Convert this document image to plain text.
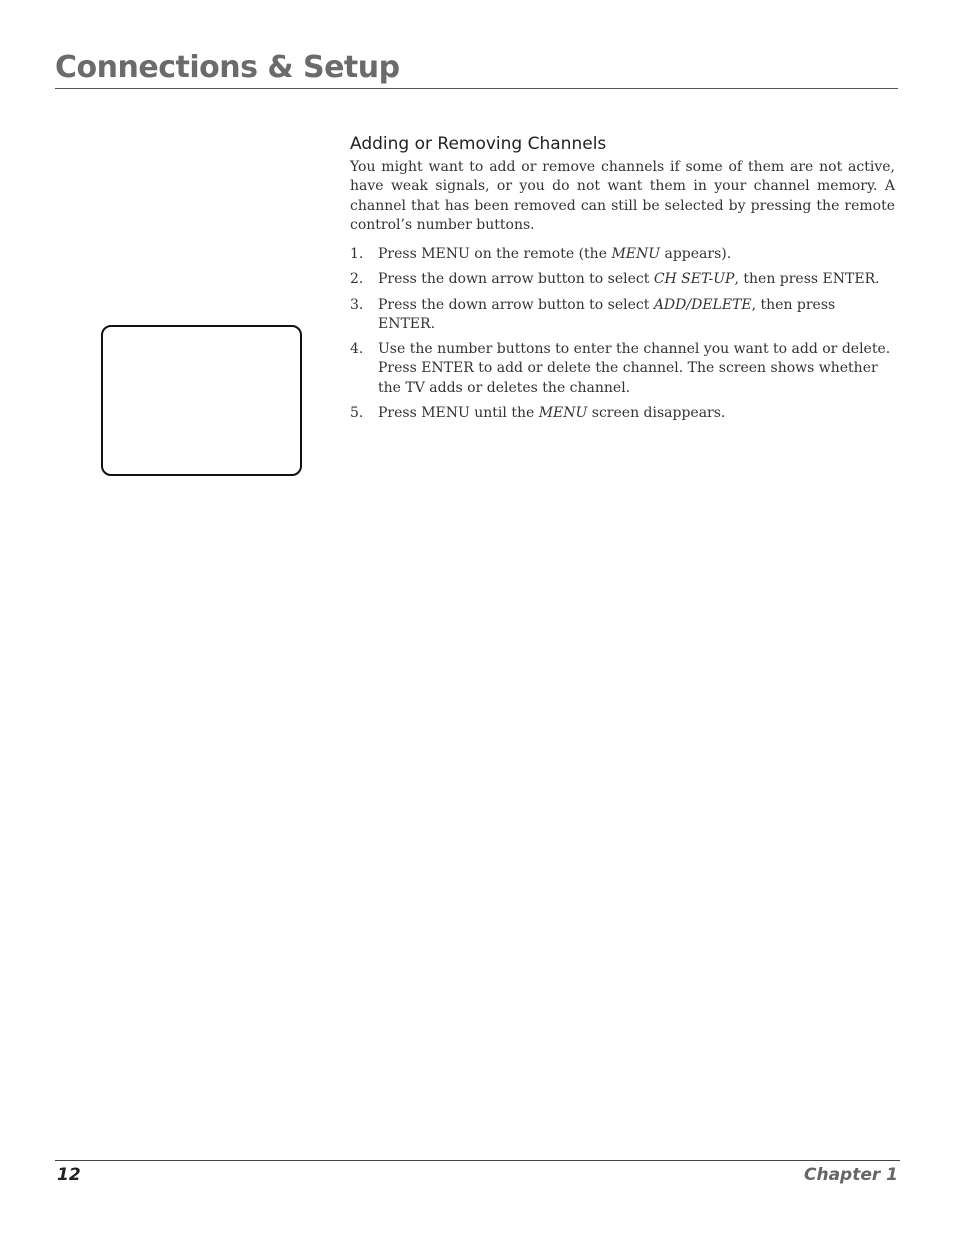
Connections & Setup
Adding or Removing Channels

You might want to add or remove channels if some of them are not active, have weak signals, or you do not want them in your channel memory. A channel that has been removed can still be selected by pressing the remote control’s number buttons.

1.	Press MENU on the remote (the MENU appears).
2.	Press the down arrow button to select CH SET-UP, then press ENTER.
3.	Press the down arrow button to select ADD/DELETE, then press ENTER.
4.	Use the number buttons to enter the channel you want to add or delete. Press ENTER to add or delete the channel. The screen shows whether the TV adds or deletes the channel.
5.	Press MENU until the MENU screen disappears.
12	Chapter 1
